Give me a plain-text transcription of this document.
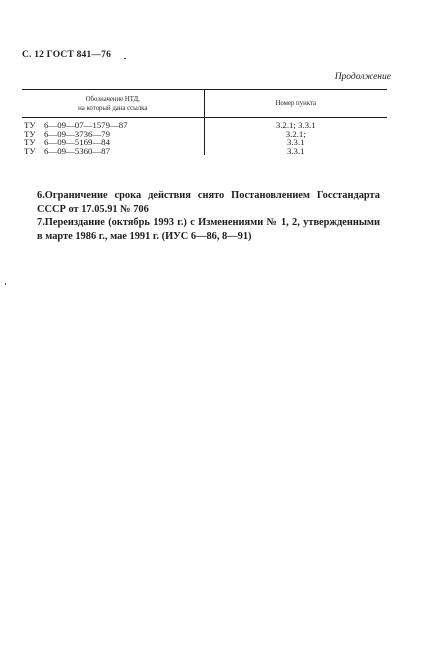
С. 12 ГОСТ 841—76
Продолжение
Обозначение НТД,
на который дана ссылка	Номер пункта

ТУ 6—09—07—1579—87	3.2.1; 3.3.1
ТУ 6—09—3736—79	3.2.1;
ТУ 6—09—5169—84	3.3.1
ТУ 6—09—5360—87	3.3.1

6.Ограничение срока действия снято Постановлением Госстандарта СССР от 17.05.91 № 706

7.Переиздание (октябрь 1993 г.) с Изменениями № 1, 2, утвержденными в марте 1986 г., мае 1991 г. (ИУС 6—86, 8—91)
